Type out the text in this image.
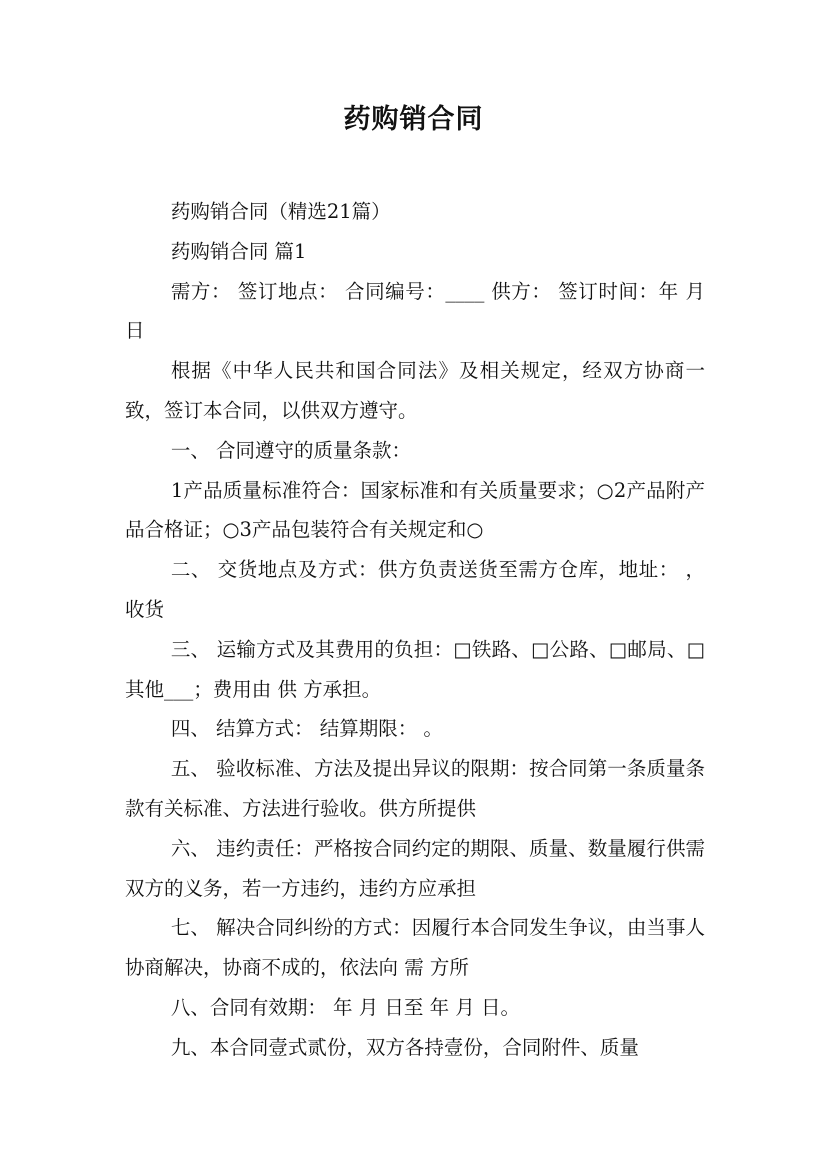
药购销合同

药购销合同（精选21篇）

药购销合同 篇1

需方： 签订地点： 合同编号：____ 供方： 签订时间：年 月 日

根据《中华人民共和国合同法》及相关规定，经双方协商一致，签订本合同，以供双方遵守。

一、 合同遵守的质量条款：

1产品质量标准符合：国家标准和有关质量要求；○2产品附产品合格证；○3产品包装符合有关规定和○

二、 交货地点及方式：供方负责送货至需方仓库，地址： ，收货

三、 运输方式及其费用的负担：□铁路、□公路、□邮局、□其他___；费用由 供 方承担。

四、 结算方式： 结算期限： 。

五、 验收标准、方法及提出异议的限期：按合同第一条质量条款有关标准、方法进行验收。供方所提供

六、 违约责任：严格按合同约定的期限、质量、数量履行供需双方的义务，若一方违约，违约方应承担

七、 解决合同纠纷的方式：因履行本合同发生争议，由当事人协商解决，协商不成的，依法向 需 方所

八、合同有效期： 年 月 日至 年 月 日。

九、本合同壹式贰份，双方各持壹份，合同附件、质量
